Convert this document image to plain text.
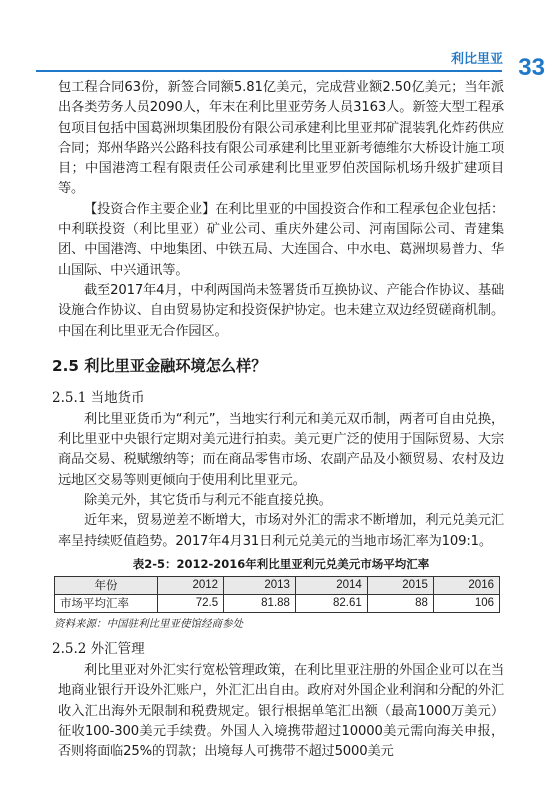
利比里亚 33

包工程合同63份，新签合同额5.81亿美元，完成营业额2.50亿美元；当年派出各类劳务人员2090人，年末在利比里亚劳务人员3163人。新签大型工程承包项目包括中国葛洲坝集团股份有限公司承建利比里亚邦矿混装乳化炸药供应合同；郑州华路兴公路科技有限公司承建利比里亚新考德维尔大桥设计施工项目；中国港湾工程有限责任公司承建利比里亚罗伯茨国际机场升级扩建项目等。

【投资合作主要企业】在利比里亚的中国投资合作和工程承包企业包括：中利联投资（利比里亚）矿业公司、重庆外建公司、河南国际公司、青建集团、中国港湾、中地集团、中铁五局、大连国合、中水电、葛洲坝易普力、华山国际、中兴通讯等。

截至2017年4月，中利两国尚未签署货币互换协议、产能合作协议、基础设施合作协议、自由贸易协定和投资保护协定。也未建立双边经贸磋商机制。中国在利比里亚无合作园区。

2.5 利比里亚金融环境怎么样？
2.5.1 当地货币

利比里亚货币为“利元”，当地实行利元和美元双币制，两者可自由兑换，利比里亚中央银行定期对美元进行拍卖。美元更广泛的使用于国际贸易、大宗商品交易、税赋缴纳等；而在商品零售市场、农副产品及小额贸易、农村及边远地区交易等则更倾向于使用利比里亚元。

除美元外，其它货币与利元不能直接兑换。

近年来，贸易逆差不断增大，市场对外汇的需求不断增加，利元兑美元汇率呈持续贬值趋势。2017年4月31日利元兑美元的当地市场汇率为109:1。

表2-5：2012-2016年利比里亚利元兑美元市场平均汇率
年份	2012	2013	2014	2015	2016
市场平均汇率	72.5	81.88	82.61	88	106
资料来源：中国驻利比里亚使馆经商参处
2.5.2 外汇管理

利比里亚对外汇实行宽松管理政策，在利比里亚注册的外国企业可以在当地商业银行开设外汇账户，外汇汇出自由。政府对外国企业利润和分配的外汇收入汇出海外无限制和税费规定。银行根据单笔汇出额（最高1000万美元）征收100-300美元手续费。外国人入境携带超过10000美元需向海关申报，否则将面临25%的罚款；出境每人可携带不超过5000美元
